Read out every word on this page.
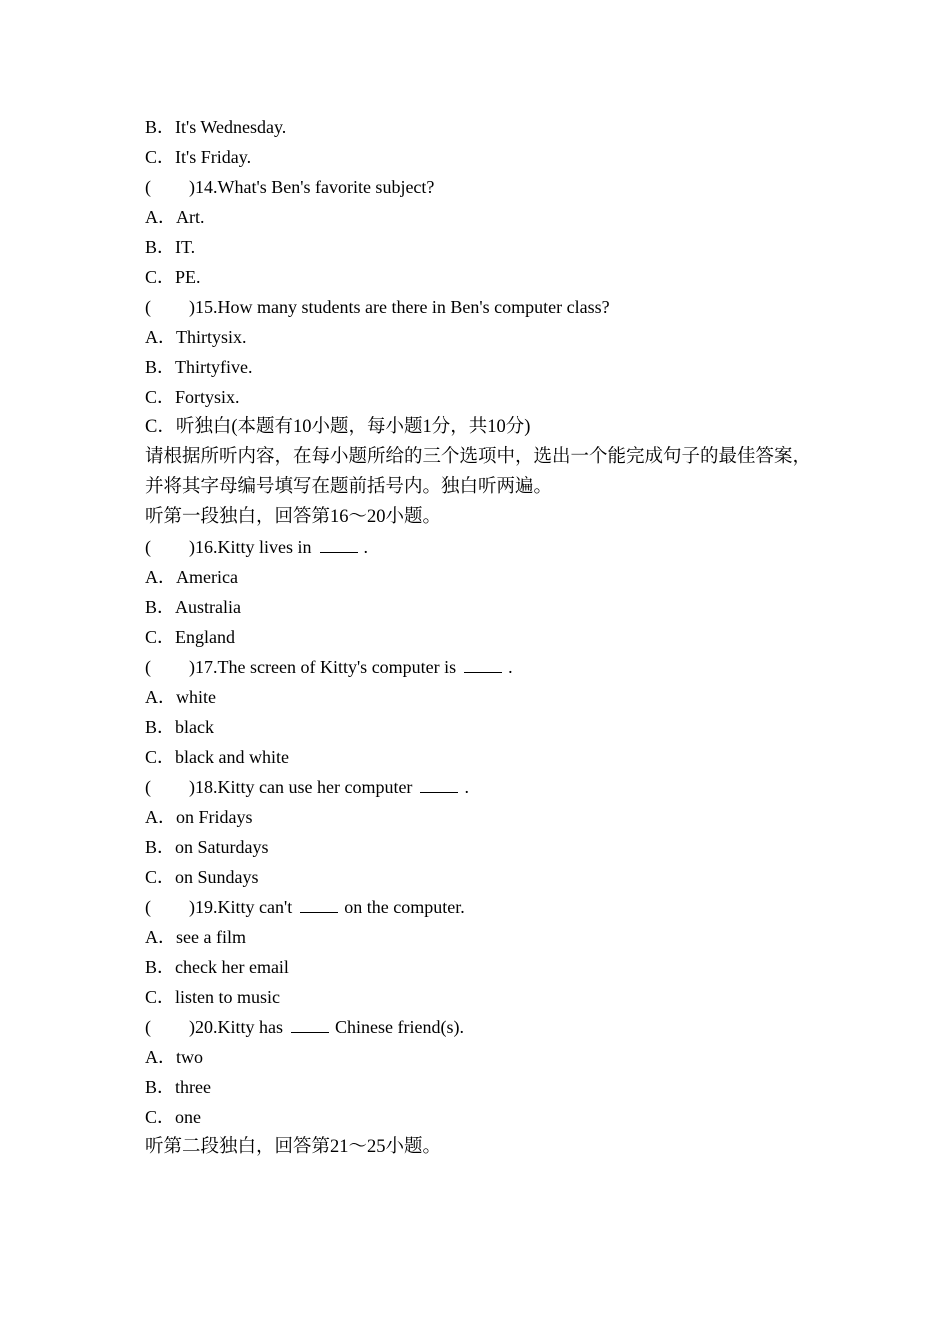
B．It's Wednesday.
C．It's Friday.
( )14.What's Ben's favorite subject?
A．Art.
B．IT.
C．PE.
( )15.How many students are there in Ben's computer class?
A．Thirtysix.
B．Thirtyfive.
C．Fortysix.
C．听独白(本题有10小题，每小题1分，共10分)
请根据所听内容，在每小题所给的三个选项中，选出一个能完成句子的最佳答案，并将其字母编号填写在题前括号内。独白听两遍。
听第一段独白，回答第16～20小题。
( )16.Kitty lives in	.
A．America
B．Australia
C．England
( )17.The screen of Kitty's computer is	.
A．white
B．black
C．black and white
( )18.Kitty can use her computer	.
A．on Fridays
B．on Saturdays
C．on Sundays
( )19.Kitty can't	on the computer.
A．see a film
B．check her email
C．listen to music
( )20.Kitty has	Chinese friend(s).
A．two
B．three
C．one
听第二段独白，回答第21～25小题。
